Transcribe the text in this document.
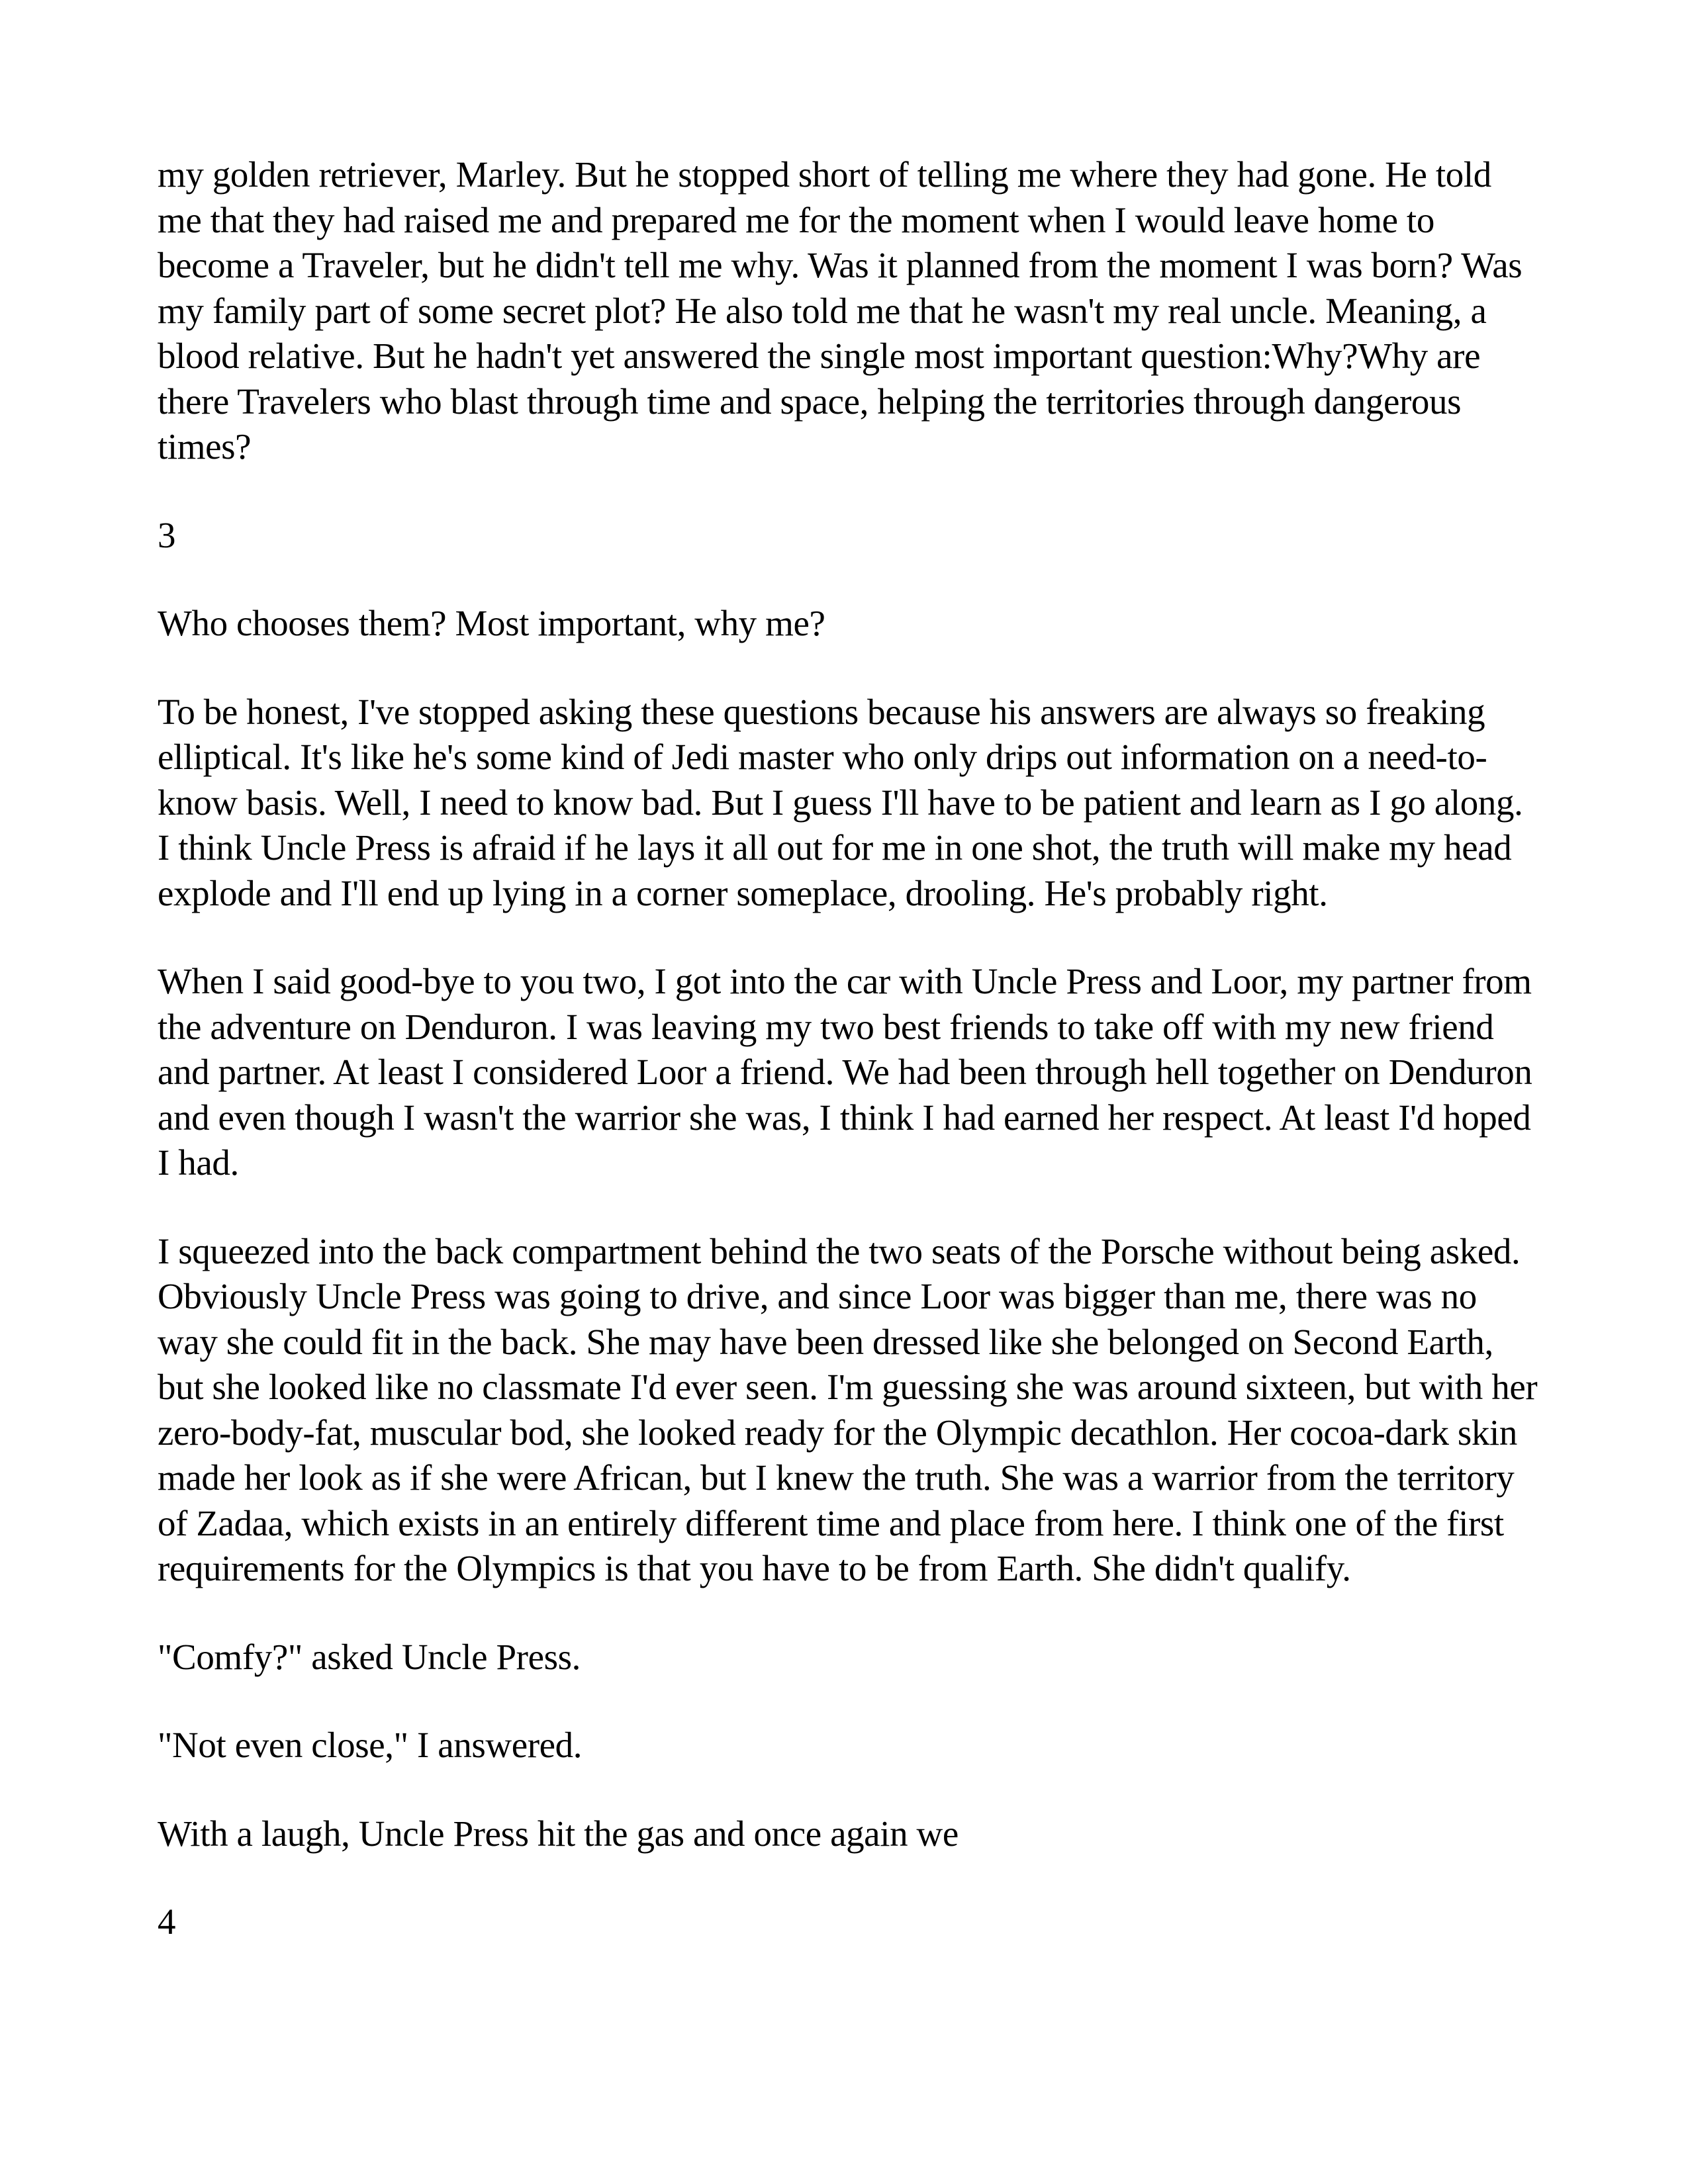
my golden retriever, Marley. But he stopped short of telling me where they had gone. He told me that they had raised me and prepared me for the moment when I would leave home to become a Traveler, but he didn't tell me why. Was it planned from the moment I was born? Was my family part of some secret plot? He also told me that he wasn't my real uncle. Meaning, a blood relative. But he hadn't yet answered the single most important question:Why?Why are there Travelers who blast through time and space, helping the territories through dangerous times?

3

Who chooses them? Most important, why me?

To be honest, I've stopped asking these questions because his answers are always so freaking elliptical. It's like he's some kind of Jedi master who only drips out information on a need-to-know basis. Well, I need to know bad. But I guess I'll have to be patient and learn as I go along. I think Uncle Press is afraid if he lays it all out for me in one shot, the truth will make my head explode and I'll end up lying in a corner someplace, drooling. He's probably right.

When I said good-bye to you two, I got into the car with Uncle Press and Loor, my partner from the adventure on Denduron. I was leaving my two best friends to take off with my new friend and partner. At least I considered Loor a friend. We had been through hell together on Denduron and even though I wasn't the warrior she was, I think I had earned her respect. At least I'd hoped I had.

I squeezed into the back compartment behind the two seats of the Porsche without being asked. Obviously Uncle Press was going to drive, and since Loor was bigger than me, there was no way she could fit in the back. She may have been dressed like she belonged on Second Earth, but she looked like no classmate I'd ever seen. I'm guessing she was around sixteen, but with her zero-body-fat, muscular bod, she looked ready for the Olympic decathlon. Her cocoa-dark skin made her look as if she were African, but I knew the truth. She was a warrior from the territory of Zadaa, which exists in an entirely different time and place from here. I think one of the first requirements for the Olympics is that you have to be from Earth. She didn't qualify.

"Comfy?" asked Uncle Press.

"Not even close," I answered.

With a laugh, Uncle Press hit the gas and once again we

4
